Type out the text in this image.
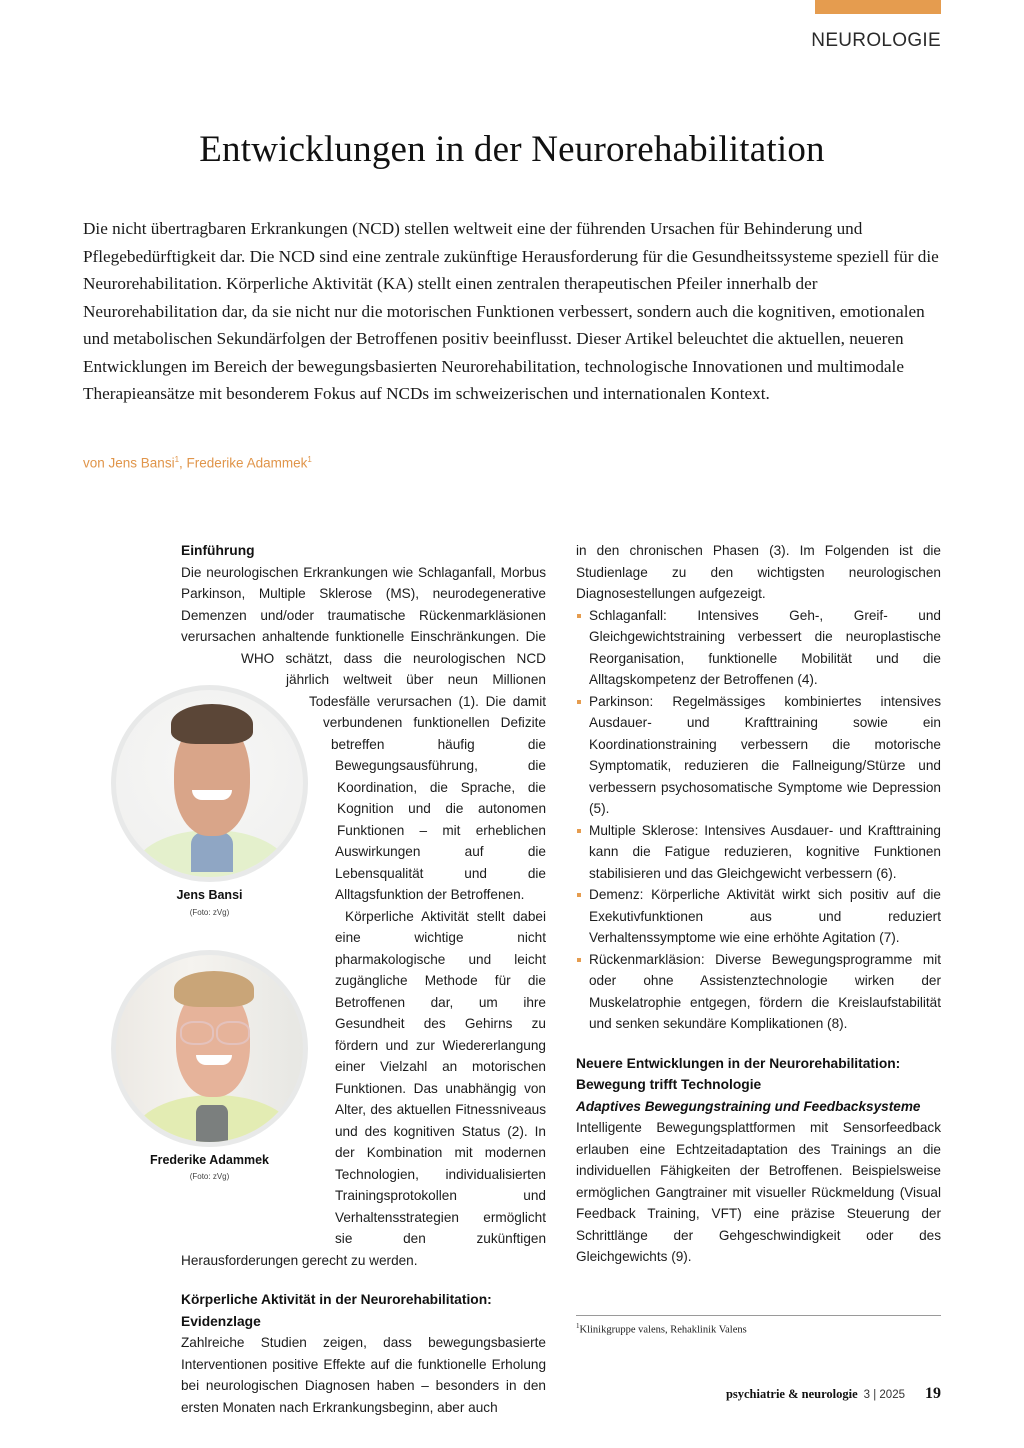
NEUROLOGIE
Entwicklungen in der Neurorehabilitation

Die nicht übertragbaren Erkrankungen (NCD) stellen weltweit eine der führenden Ursachen für Behinderung und Pflegebedürftigkeit dar. Die NCD sind eine zentrale zukünftige Herausforderung für die Gesundheitssysteme speziell für die Neurorehabilitation. Körperliche Aktivität (KA) stellt einen zentralen therapeutischen Pfeiler innerhalb der Neurorehabilitation dar, da sie nicht nur die motorischen Funktionen verbessert, sondern auch die kognitiven, emotionalen und metabolischen Sekundärfolgen der Betroffenen positiv beeinflusst. Dieser Artikel beleuchtet die aktuellen, neueren Entwicklungen im Bereich der bewegungsbasierten Neurorehabilitation, technologische Innovationen und multimodale Therapieansätze mit besonderem Fokus auf NCDs im schweizerischen und internationalen Kontext.

von Jens Bansi$^1$, Frederike Adammek$^1$
Einführung

Die neurologischen Erkrankungen wie Schlaganfall, Morbus Parkinson, Multiple Sklerose (MS), neurodegenerative Demenzen und/oder traumatische Rückenmarkläsionen verursachen anhaltende funktionelle Einschränkungen. Die WHO schätzt, dass die neurologischen NCD jährlich weltweit über neun Millionen Todesfälle verursachen (1). Die damit verbundenen funktionellen Defizite betreffen häufig die Bewegungsausführung, die Koordination, die Sprache, die Kognition und die autonomen Funktionen – mit erheblichen Auswirkungen auf die Lebensqualität und die Alltagsfunktion der Betroffenen.

Körperliche Aktivität stellt dabei eine wichtige nicht pharmakologische und leicht zugängliche Methode für die Betroffenen dar, um ihre Gesundheit des Gehirns zu fördern und zur Wiedererlangung einer Vielzahl an motorischen Funktionen. Das unabhängig von Alter, des aktuellen Fitnessniveaus und des kognitiven Status (2). In der Kombination mit modernen Technologien, individualisierten Trainingsprotokollen und Verhaltensstrategien ermöglicht sie den zukünftigen Herausforderungen gerecht zu werden.

Körperliche Aktivität in der Neurorehabilitation: Evidenzlage

Zahlreiche Studien zeigen, dass bewegungsbasierte Interventionen positive Effekte auf die funktionelle Erholung bei neurologischen Diagnosen haben – besonders in den ersten Monaten nach Erkrankungsbeginn, aber auch

Jens Bansi
(Foto: zVg)
Frederike Adammek
(Foto: zVg)

in den chronischen Phasen (3). Im Folgenden ist die Studienlage zu den wichtigsten neurologischen Diagnosestellungen aufgezeigt.

Schlaganfall: Intensives Geh-, Greif- und Gleichgewichtstraining verbessert die neuroplastische Reorganisation, funktionelle Mobilität und die Alltagskompetenz der Betroffenen (4).
Parkinson: Regelmässiges kombiniertes intensives Ausdauer- und Krafttraining sowie ein Koordinationstraining verbessern die motorische Symptomatik, reduzieren die Fallneigung/Stürze und verbessern psychosomatische Symptome wie Depression (5).
Multiple Sklerose: Intensives Ausdauer- und Krafttraining kann die Fatigue reduzieren, kognitive Funktionen stabilisieren und das Gleichgewicht verbessern (6).
Demenz: Körperliche Aktivität wirkt sich positiv auf die Exekutivfunktionen aus und reduziert Verhaltenssymptome wie eine erhöhte Agitation (7).
Rückenmarkläsion: Diverse Bewegungsprogramme mit oder ohne Assistenztechnologie wirken der Muskelatrophie entgegen, fördern die Kreislaufstabilität und senken sekundäre Komplikationen (8).
Neuere Entwicklungen in der Neurorehabilitation: Bewegung trifft Technologie
Adaptives Bewegungstraining und Feedbacksysteme

Intelligente Bewegungsplattformen mit Sensorfeedback erlauben eine Echtzeitadaptation des Trainings an die individuellen Fähigkeiten der Betroffenen. Beispielsweise ermöglichen Gangtrainer mit visueller Rückmeldung (Visual Feedback Training, VFT) eine präzise Steuerung der Schrittlänge der Gehgeschwindigkeit oder des Gleichgewichts (9).

$^1$Klinikgruppe valens, Rehaklinik Valens
psychiatrie & neurologie 3 | 2025 19
